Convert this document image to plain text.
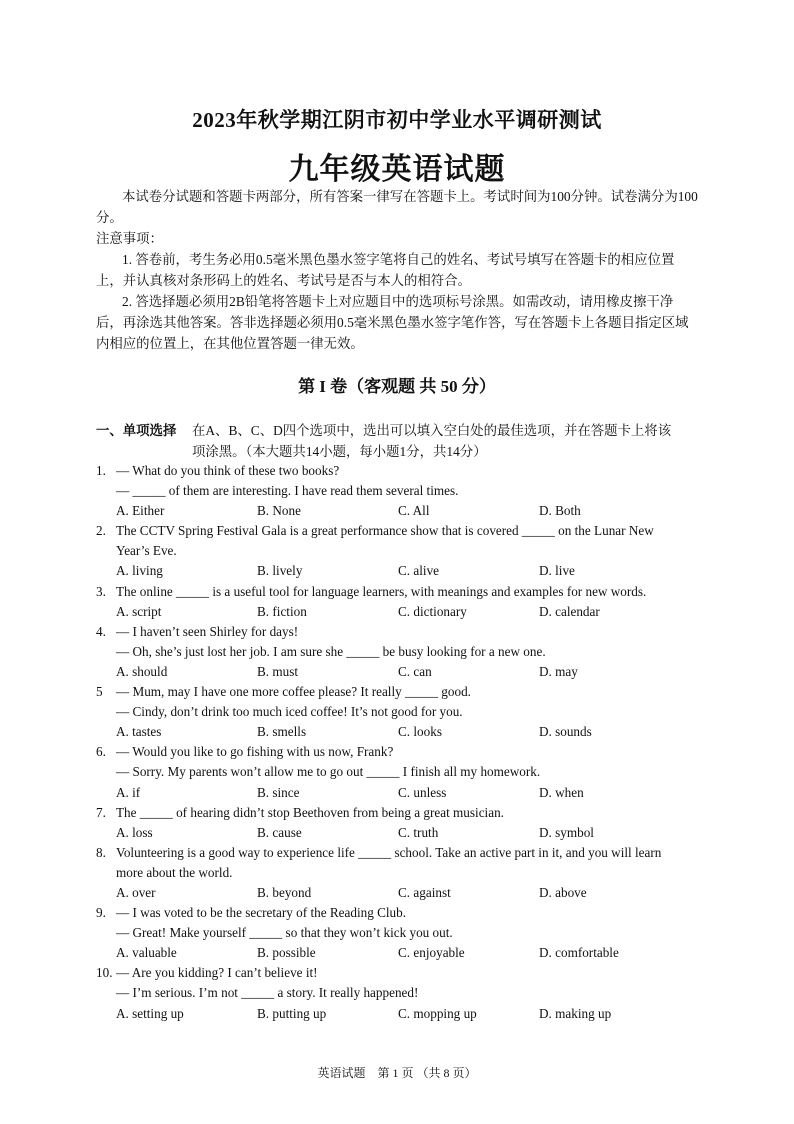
2023年秋学期江阴市初中学业水平调研测试
九年级英语试题

本试卷分试题和答题卡两部分，所有答案一律写在答题卡上。考试时间为100分钟。试卷满分为100分。

注意事项：

1. 答卷前，考生务必用0.5毫米黑色墨水签字笔将自己的姓名、考试号填写在答题卡的相应位置上，并认真核对条形码上的姓名、考试号是否与本人的相符合。

2. 答选择题必须用2B铅笔将答题卡上对应题目中的选项标号涂黑。如需改动，请用橡皮擦干净后，再涂选其他答案。答非选择题必须用0.5毫米黑色墨水签字笔作答，写在答题卡上各题目指定区域内相应的位置上，在其他位置答题一律无效。

第 I 卷（客观题 共 50 分）
一、单项选择 在A、B、C、D四个选项中，选出可以填入空白处的最佳选项，并在答题卡上将该
项涂黑。（本大题共14小题，每小题1分，共14分）
1. — What do you think of these two books?
— _____ of them are interesting. I have read them several times.
A. Either	B. None	C. All	D. Both
2. The CCTV Spring Festival Gala is a great performance show that is covered _____ on the Lunar New
Year’s Eve.
A. living	B. lively	C. alive	D. live
3. The online _____ is a useful tool for language learners, with meanings and examples for new words.
A. script	B. fiction	C. dictionary	D. calendar
4. — I haven’t seen Shirley for days!
— Oh, she’s just lost her job. I am sure she _____ be busy looking for a new one.
A. should	B. must	C. can	D. may
5	— Mum, may I have one more coffee please? It really _____ good.
— Cindy, don’t drink too much iced coffee! It’s not good for you.
A. tastes	B. smells	C. looks	D. sounds
6. — Would you like to go fishing with us now, Frank?
— Sorry. My parents won’t allow me to go out _____ I finish all my homework.
A. if	B. since	C. unless	D. when
7. The _____ of hearing didn’t stop Beethoven from being a great musician.
A. loss	B. cause	C. truth	D. symbol
8. Volunteering is a good way to experience life _____ school. Take an active part in it, and you will learn
more about the world.
A. over	B. beyond	C. against	D. above
9. — I was voted to be the secretary of the Reading Club.
— Great! Make yourself _____ so that they won’t kick you out.
A. valuable	B. possible	C. enjoyable	D. comfortable
10. — Are you kidding? I can’t believe it!
— I’m serious. I’m not _____ a story. It really happened!
A. setting up	B. putting up	C. mopping up	D. making up
英语试题　第 1 页 （共 8 页）
